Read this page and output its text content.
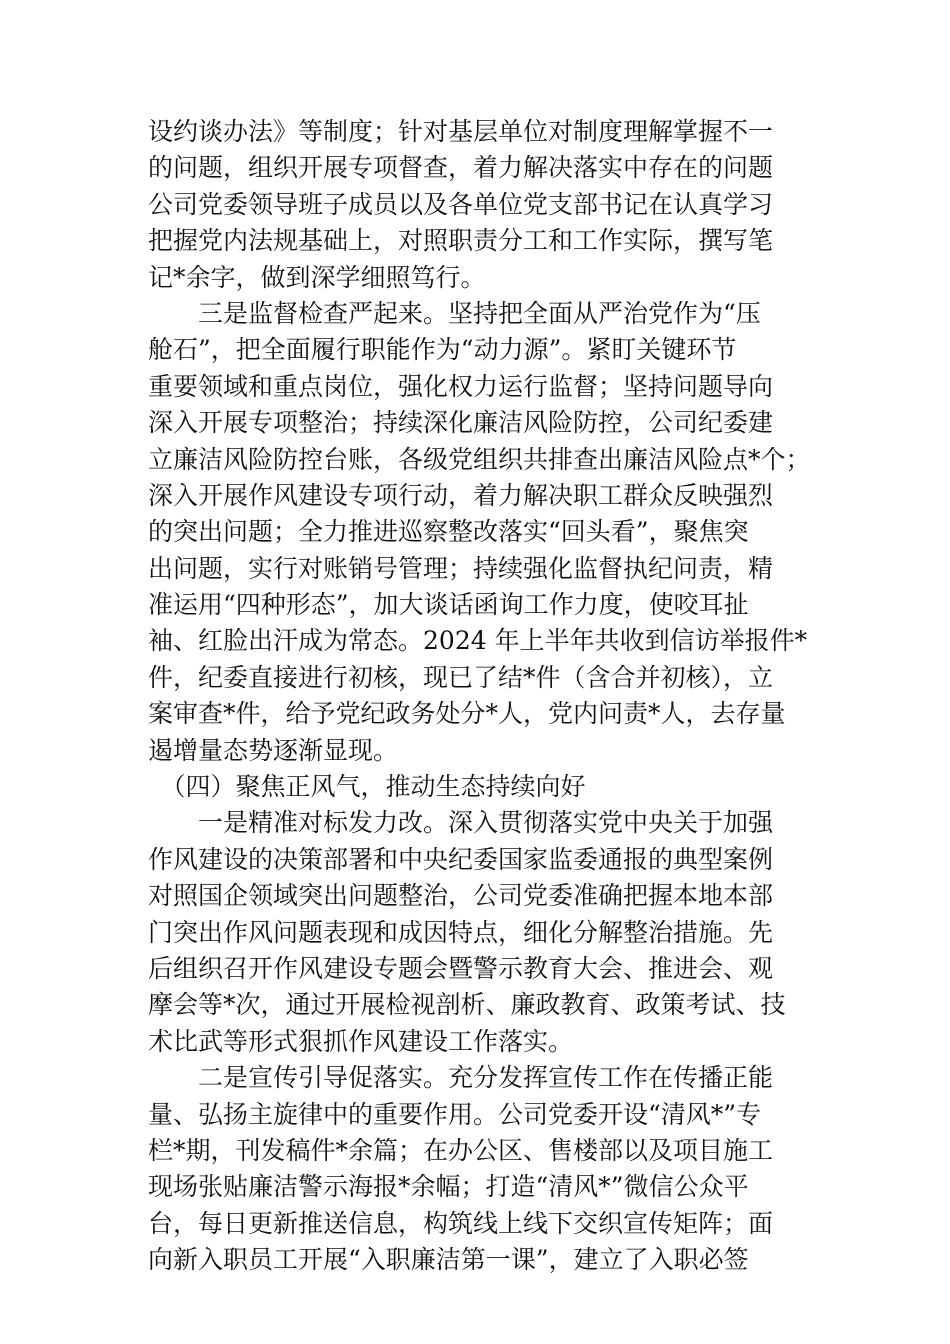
设约谈办法》等制度；针对基层单位对制度理解掌握不一
的问题，组织开展专项督查，着力解决落实中存在的问题
公司党委领导班子成员以及各单位党支部书记在认真学习
把握党内法规基础上，对照职责分工和工作实际，撰写笔
记*余字，做到深学细照笃行。
　　三是监督检查严起来。坚持把全面从严治党作为“压
舱石”，把全面履行职能作为“动力源”。紧盯关键环节
重要领域和重点岗位，强化权力运行监督；坚持问题导向
深入开展专项整治；持续深化廉洁风险防控，公司纪委建
立廉洁风险防控台账，各级党组织共排查出廉洁风险点*个；
深入开展作风建设专项行动，着力解决职工群众反映强烈
的突出问题；全力推进巡察整改落实“回头看”，聚焦突
出问题，实行对账销号管理；持续强化监督执纪问责，精
准运用“四种形态”，加大谈话函询工作力度，使咬耳扯
袖、红脸出汗成为常态。2024 年上半年共收到信访举报件*
件，纪委直接进行初核，现已了结*件（含合并初核），立
案审查*件，给予党纪政务处分*人，党内问责*人，去存量
遏增量态势逐渐显现。
　（四）聚焦正风气，推动生态持续向好
　　一是精准对标发力改。深入贯彻落实党中央关于加强
作风建设的决策部署和中央纪委国家监委通报的典型案例
对照国企领域突出问题整治，公司党委准确把握本地本部
门突出作风问题表现和成因特点，细化分解整治措施。先
后组织召开作风建设专题会暨警示教育大会、推进会、观
摩会等*次，通过开展检视剖析、廉政教育、政策考试、技
术比武等形式狠抓作风建设工作落实。
　　二是宣传引导促落实。充分发挥宣传工作在传播正能
量、弘扬主旋律中的重要作用。公司党委开设“清风*”专
栏*期，刊发稿件*余篇；在办公区、售楼部以及项目施工
现场张贴廉洁警示海报*余幅；打造“清风*”微信公众平
台，每日更新推送信息，构筑线上线下交织宣传矩阵；面
向新入职员工开展“入职廉洁第一课”，建立了入职必签
